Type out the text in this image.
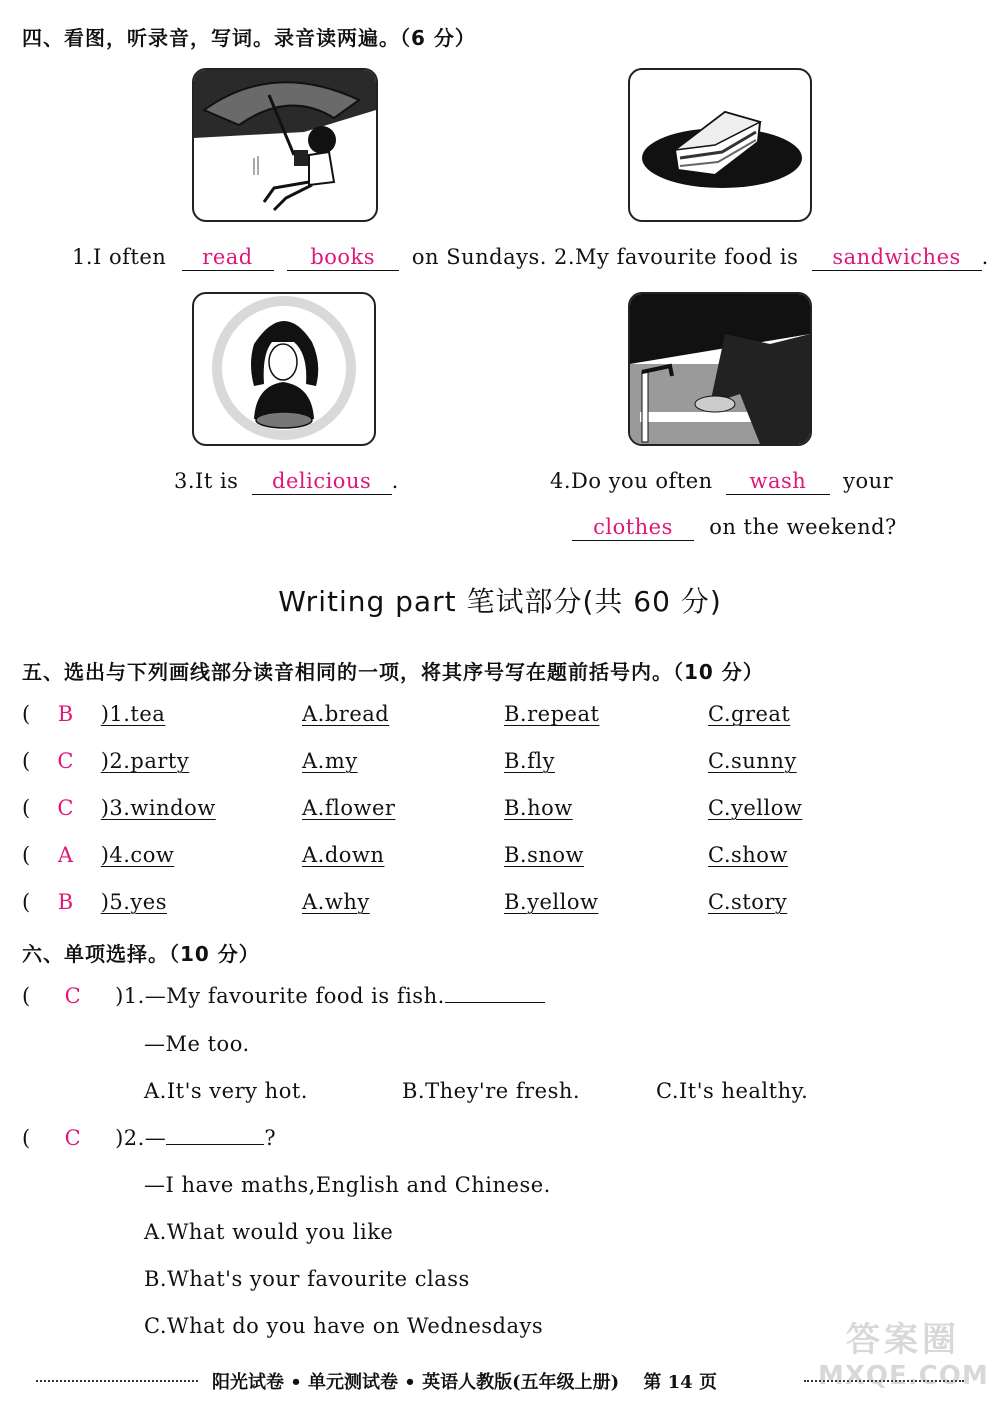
四、看图，听录音，写词。录音读两遍。（6 分）
1.I often read	books on Sundays. 2.My favourite food is sandwiches .
3.It is delicious .	4.Do you often wash your
clothes on the weekend?
Writing part 笔试部分(共 60 分)
五、选出与下列画线部分读音相同的一项，将其序号写在题前括号内。（10 分）
( B )1.tea	A.bread	B.repeat	C.great
( C )2.party	A.my	B.fly	C.sunny
( C )3.window	A.flower	B.how	C.yellow
( A )4.cow	A.down	B.snow	C.show
( B )5.yes	A.why	B.yellow	C.story
六、单项选择。（10 分）
( C )1.—My favourite food is fish.
—Me too.
A.It's very hot.	B.They're fresh.	C.It's healthy.
( C )2.—	?
—I have maths,English and Chinese.
A.What would you like
B.What's your favourite class
C.What do you have on Wednesdays
阳光试卷 • 单元测试卷 • 英语人教版(五年级上册) 第 14 页
答案圈
MXQE.COM
